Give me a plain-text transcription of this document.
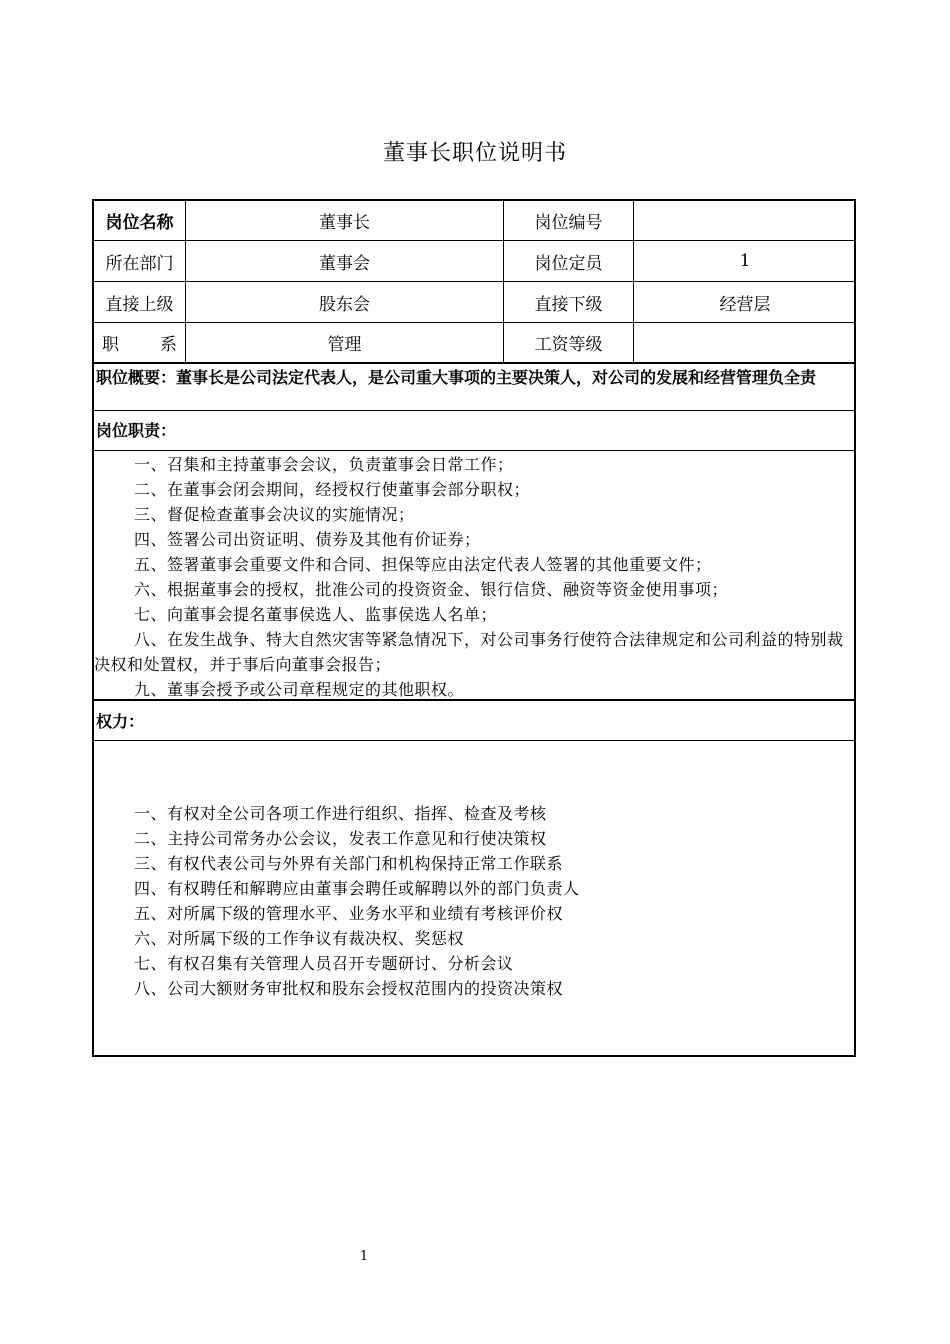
董事长职位说明书
岗位名称	董事长	岗位编号
所在部门	董事会	岗位定员	1
直接上级	股东会	直接下级	经营层
职 系	管理	工资等级
职位概要：董事长是公司法定代表人，是公司重大事项的主要决策人，对公司的发展和经营管理负全责
岗位职责：
一、召集和主持董事会会议，负责董事会日常工作；
二、在董事会闭会期间，经授权行使董事会部分职权；
三、督促检查董事会决议的实施情况；
四、签署公司出资证明、债券及其他有价证券；
五、签署董事会重要文件和合同、担保等应由法定代表人签署的其他重要文件；
六、根据董事会的授权，批准公司的投资资金、银行信贷、融资等资金使用事项；
七、向董事会提名董事侯选人、监事侯选人名单；
八、在发生战争、特大自然灾害等紧急情况下，对公司事务行使符合法律规定和公司利益的特别裁决权和处置权，并于事后向董事会报告；
九、董事会授予或公司章程规定的其他职权。
权力：
一、有权对全公司各项工作进行组织、指挥、检查及考核
二、主持公司常务办公会议，发表工作意见和行使决策权
三、有权代表公司与外界有关部门和机构保持正常工作联系
四、有权聘任和解聘应由董事会聘任或解聘以外的部门负责人
五、对所属下级的管理水平、业务水平和业绩有考核评价权
六、对所属下级的工作争议有裁决权、奖惩权
七、有权召集有关管理人员召开专题研讨、分析会议
八、公司大额财务审批权和股东会授权范围内的投资决策权
1
